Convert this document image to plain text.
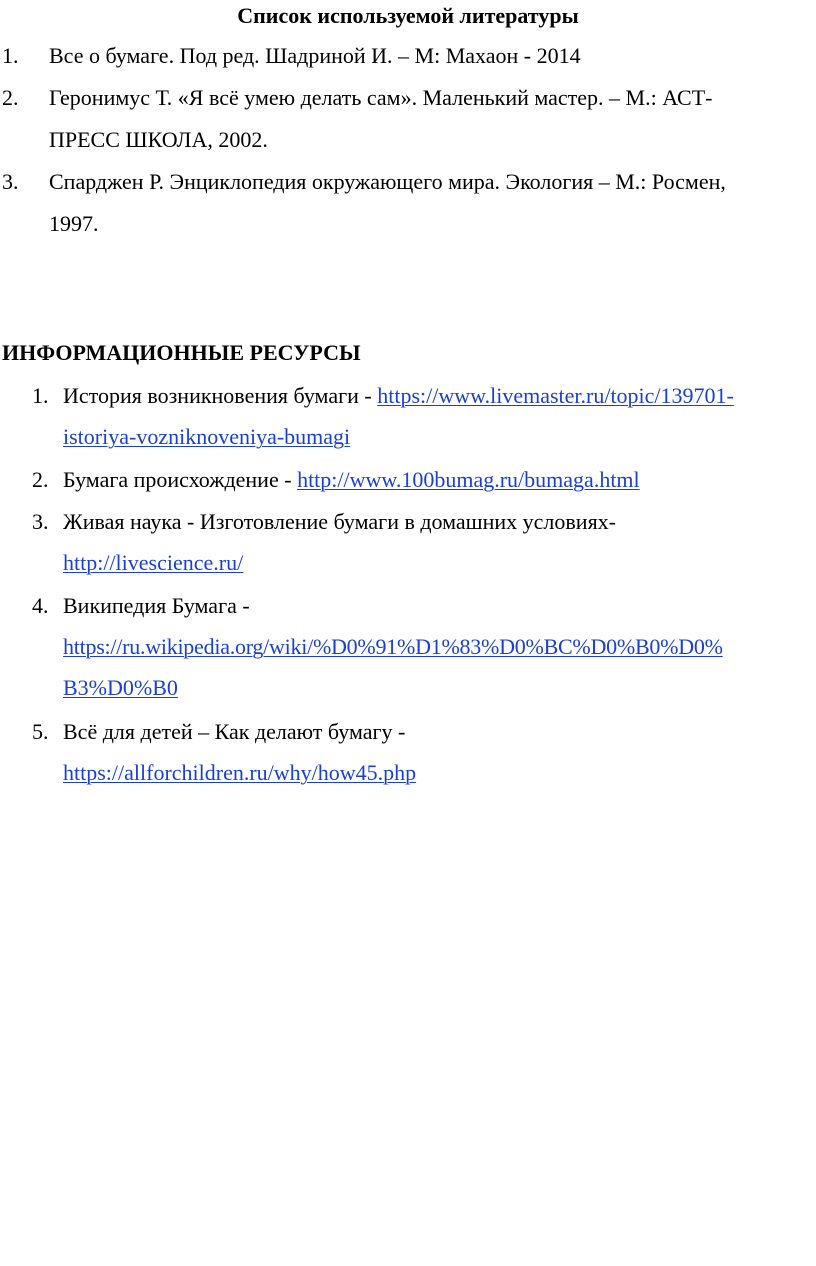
Список используемой литературы
1. Все о бумаге. Под ред. Шадриной И. – М: Махаон - 2014
2. Геронимус Т. «Я всё умею делать сам». Маленький мастер. – М.: АСТ-
ПРЕСС ШКОЛА, 2002.
3. Спарджен Р. Энциклопедия окружающего мира. Экология – М.: Росмен,
1997.
ИНФОРМАЦИОННЫЕ РЕСУРСЫ
1. История возникновения бумаги - https://www.livemaster.ru/topic/139701-
istoriya-vozniknoveniya-bumagi
2. Бумага происхождение - http://www.100bumag.ru/bumaga.html
3. Живая наука - Изготовление бумаги в домашних условиях-
http://livescience.ru/
4. Википедия Бумага -
https://ru.wikipedia.org/wiki/%D0%91%D1%83%D0%BC%D0%B0%D0%
B3%D0%B0
5. Всё для детей – Как делают бумагу -
https://allforchildren.ru/why/how45.php
